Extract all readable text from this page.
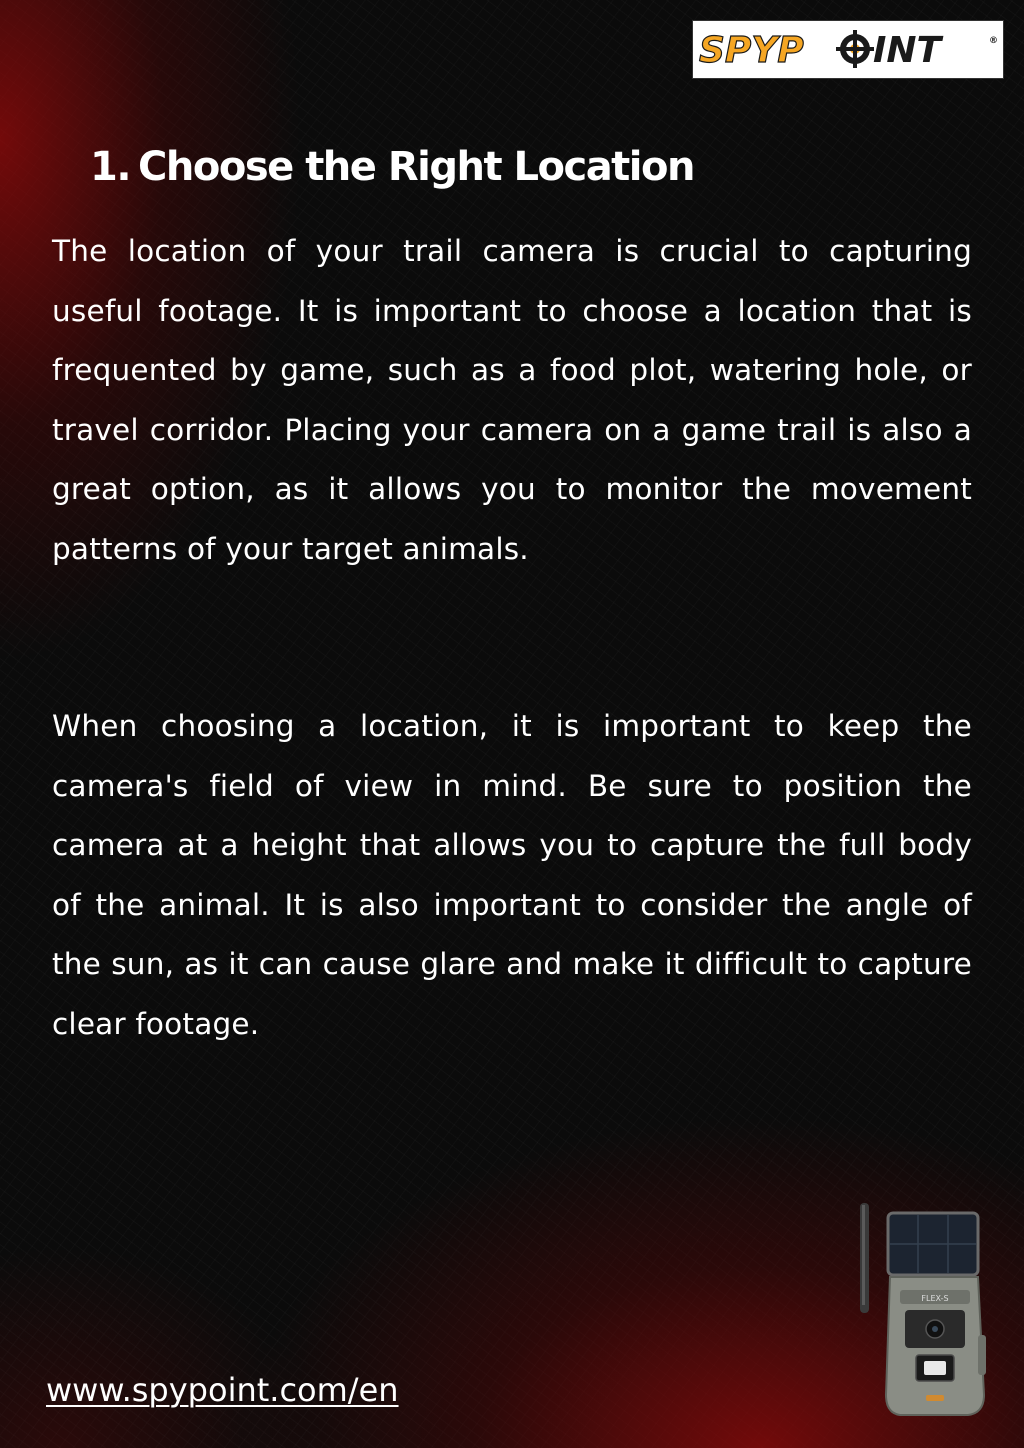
SPYP INT	®
1. Choose the Right Location

The location of your trail camera is crucial to capturing useful footage. It is important to choose a location that is frequented by game, such as a food plot, watering hole, or travel corridor. Placing your camera on a game trail is also a great option, as it allows you to monitor the movement patterns of your target animals.

When choosing a location, it is important to keep the camera's field of view in mind. Be sure to position the camera at a height that allows you to capture the full body of the animal. It is also important to consider the angle of the sun, as it can cause glare and make it difficult to capture clear footage.

www.spypoint.com/en
FLEX-S
